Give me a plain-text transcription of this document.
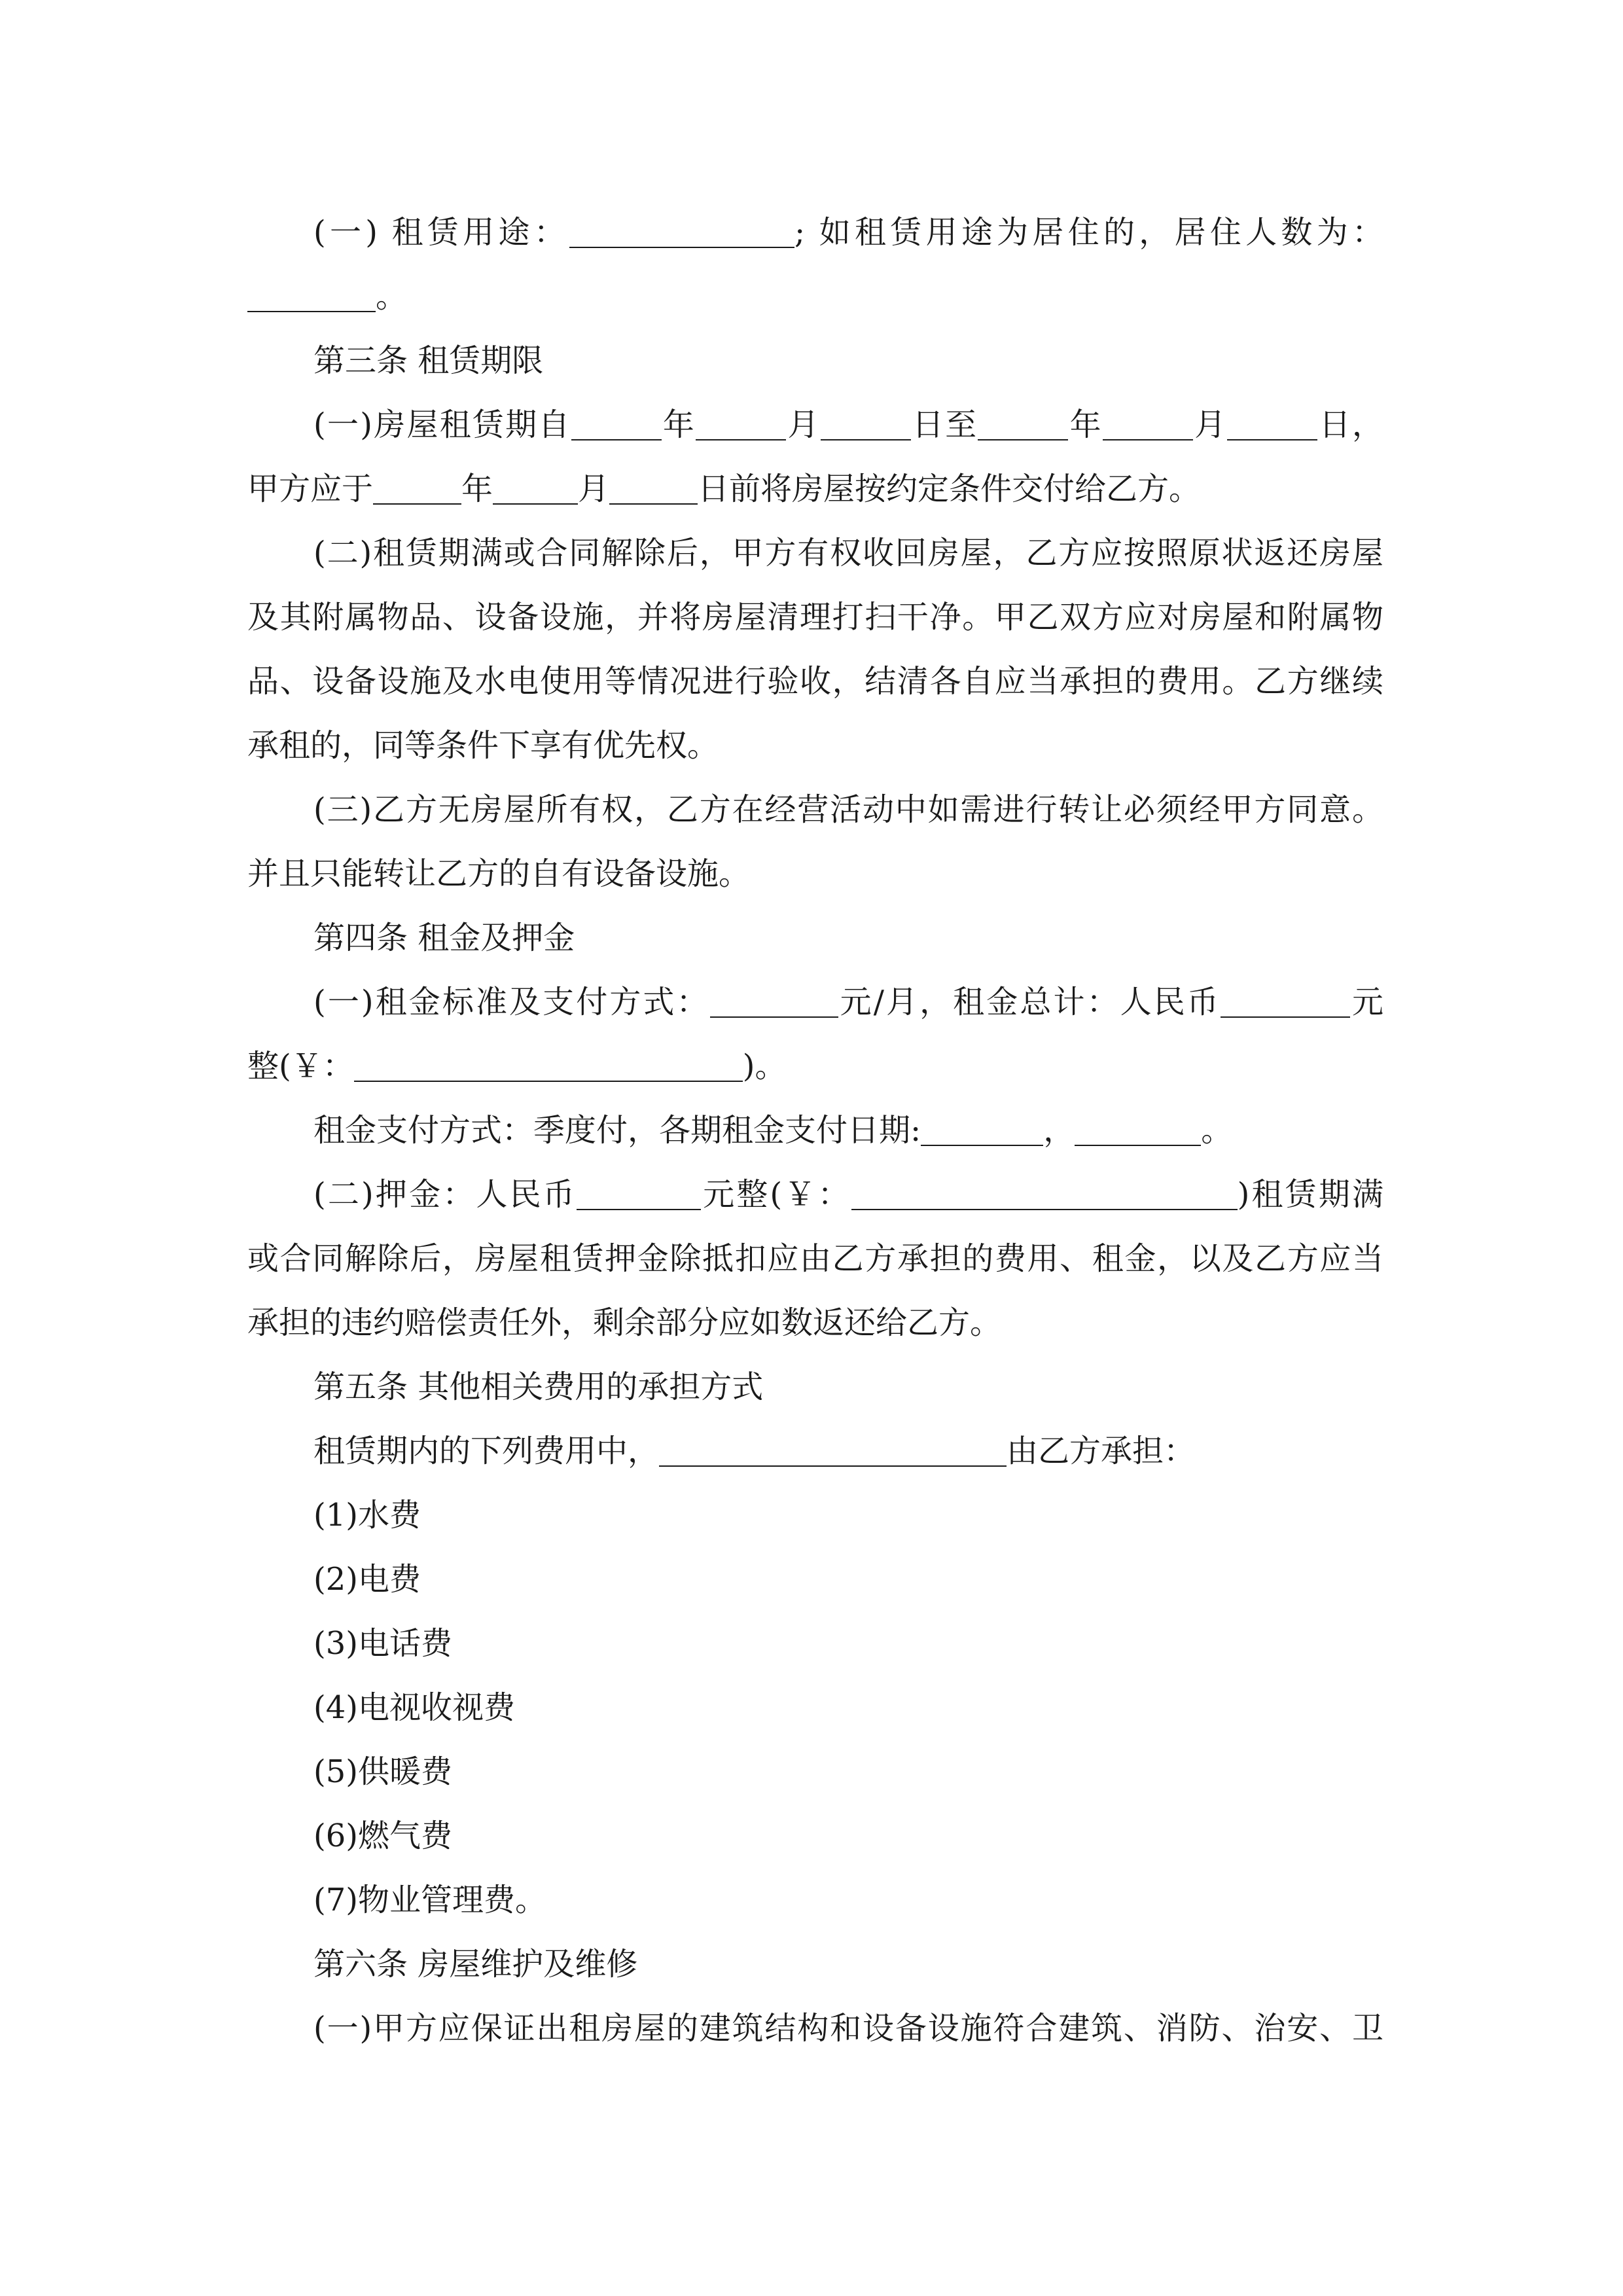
(一) 租赁用途：	; 如租赁用途为居住的，居住人数为：
。
第三条 租赁期限
(一)房屋租赁期自	年	月	日至	年	月	日，
甲方应于	年	月	日前将房屋按约定条件交付给乙方。
(二)租赁期满或合同解除后，甲方有权收回房屋，乙方应按照原状返还房屋
及其附属物品、设备设施，并将房屋清理打扫干净。甲乙双方应对房屋和附属物
品、设备设施及水电使用等情况进行验收，结清各自应当承担的费用。乙方继续
承租的，同等条件下享有优先权。
(三)乙方无房屋所有权，乙方在经营活动中如需进行转让必须经甲方同意。
并且只能转让乙方的自有设备设施。
第四条 租金及押金
(一)租金标准及支付方式：	元/月，租金总计：人民币	元
整(￥：	)。
租金支付方式：季度付，各期租金支付日期:	，	。
(二)押金：人民币	元整(￥：	)租赁期满
或合同解除后，房屋租赁押金除抵扣应由乙方承担的费用、租金，以及乙方应当
承担的违约赔偿责任外，剩余部分应如数返还给乙方。
第五条 其他相关费用的承担方式
租赁期内的下列费用中，	由乙方承担：
(1)水费
(2)电费
(3)电话费
(4)电视收视费
(5)供暖费
(6)燃气费
(7)物业管理费。
第六条 房屋维护及维修
(一)甲方应保证出租房屋的建筑结构和设备设施符合建筑、消防、治安、卫
